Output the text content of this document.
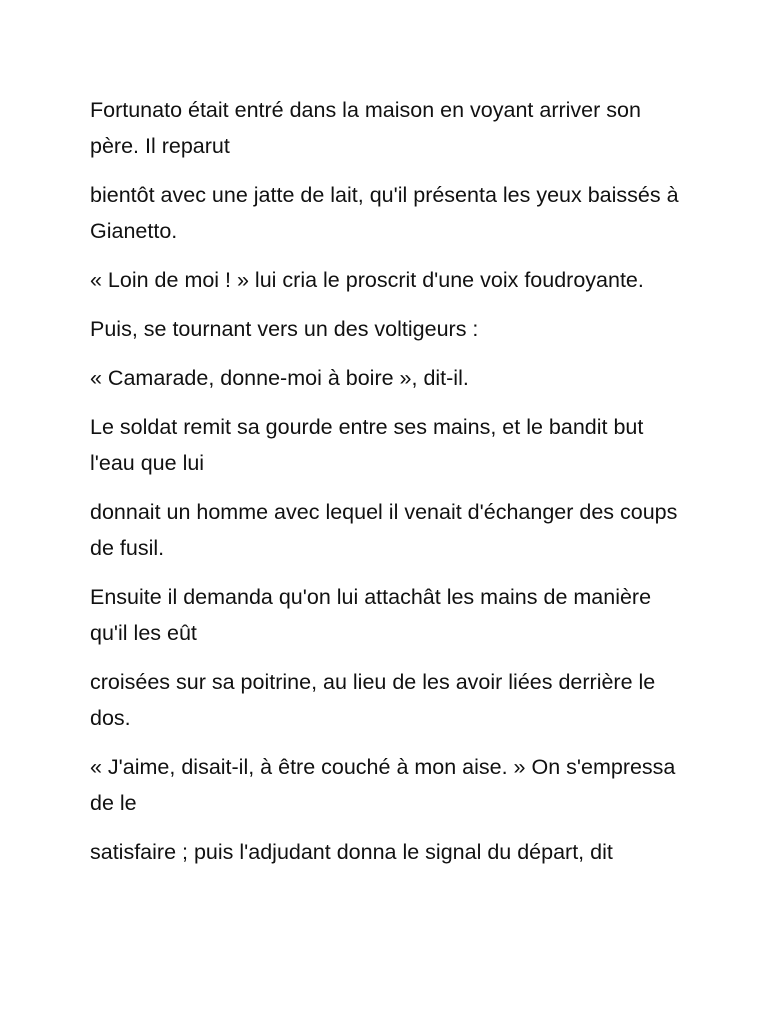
Fortunato était entré dans la maison en voyant arriver son père. Il reparut

bientôt avec une jatte de lait, qu'il présenta les yeux baissés à Gianetto.

« Loin de moi ! » lui cria le proscrit d'une voix foudroyante.

Puis, se tournant vers un des voltigeurs :

« Camarade, donne-moi à boire », dit-il.

Le soldat remit sa gourde entre ses mains, et le bandit but l'eau que lui

donnait un homme avec lequel il venait d'échanger des coups de fusil.

Ensuite il demanda qu'on lui attachât les mains de manière qu'il les eût

croisées sur sa poitrine, au lieu de les avoir liées derrière le dos.

« J'aime, disait-il, à être couché à mon aise. » On s'empressa de le

satisfaire ; puis l'adjudant donna le signal du départ, dit
